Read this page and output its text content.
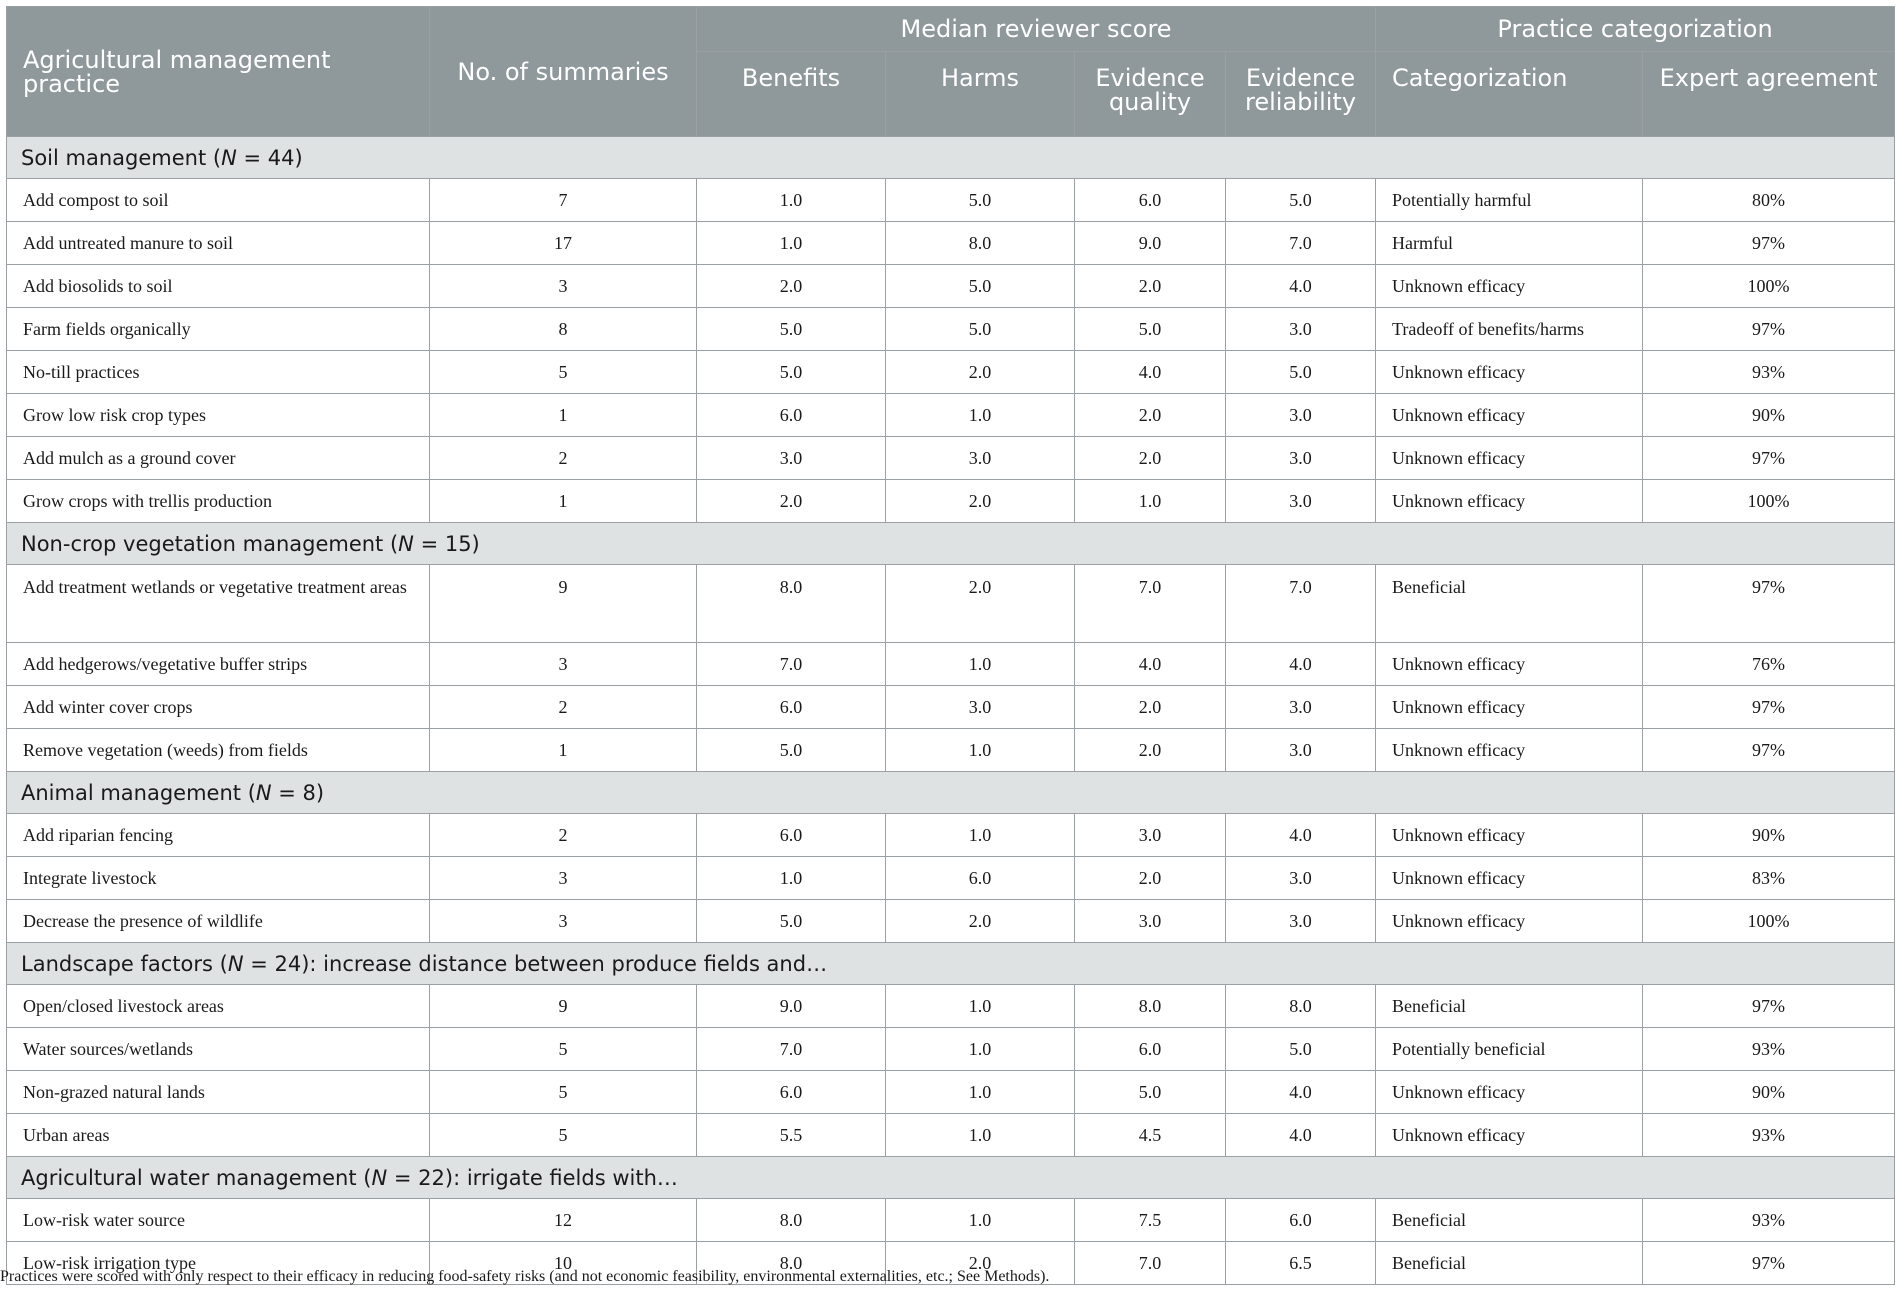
Agricultural management practice	No. of summaries	Median reviewer score				Practice categorization	
		Benefits	Harms	Evidence quality	Evidence reliability	Categorization	Expert agreement
Soil management (N = 44)							
Add compost to soil	7	1.0	5.0	6.0	5.0	Potentially harmful	80%
Add untreated manure to soil	17	1.0	8.0	9.0	7.0	Harmful	97%
Add biosolids to soil	3	2.0	5.0	2.0	4.0	Unknown efficacy	100%
Farm fields organically	8	5.0	5.0	5.0	3.0	Tradeoff of benefits/harms	97%
No-till practices	5	5.0	2.0	4.0	5.0	Unknown efficacy	93%
Grow low risk crop types	1	6.0	1.0	2.0	3.0	Unknown efficacy	90%
Add mulch as a ground cover	2	3.0	3.0	2.0	3.0	Unknown efficacy	97%
Grow crops with trellis production	1	2.0	2.0	1.0	3.0	Unknown efficacy	100%
Non-crop vegetation management (N = 15)							
Add treatment wetlands or vegetative treatment areas	9	8.0	2.0	7.0	7.0	Beneficial	97%
Add hedgerows/vegetative buffer strips	3	7.0	1.0	4.0	4.0	Unknown efficacy	76%
Add winter cover crops	2	6.0	3.0	2.0	3.0	Unknown efficacy	97%
Remove vegetation (weeds) from fields	1	5.0	1.0	2.0	3.0	Unknown efficacy	97%
Animal management (N = 8)							
Add riparian fencing	2	6.0	1.0	3.0	4.0	Unknown efficacy	90%
Integrate livestock	3	1.0	6.0	2.0	3.0	Unknown efficacy	83%
Decrease the presence of wildlife	3	5.0	2.0	3.0	3.0	Unknown efficacy	100%
Landscape factors (N = 24): increase distance between produce fields and…							
Open/closed livestock areas	9	9.0	1.0	8.0	8.0	Beneficial	97%
Water sources/wetlands	5	7.0	1.0	6.0	5.0	Potentially beneficial	93%
Non-grazed natural lands	5	6.0	1.0	5.0	4.0	Unknown efficacy	90%
Urban areas	5	5.5	1.0	4.5	4.0	Unknown efficacy	93%
Agricultural water management (N = 22): irrigate fields with…							
Low-risk water source	12	8.0	1.0	7.5	6.0	Beneficial	93%
Low-risk irrigation type	10	8.0	2.0	7.0	6.5	Beneficial	97%
Practices were scored with only respect to their efficacy in reducing food-safety risks (and not economic feasibility, environmental externalities, etc.; See Methods).
